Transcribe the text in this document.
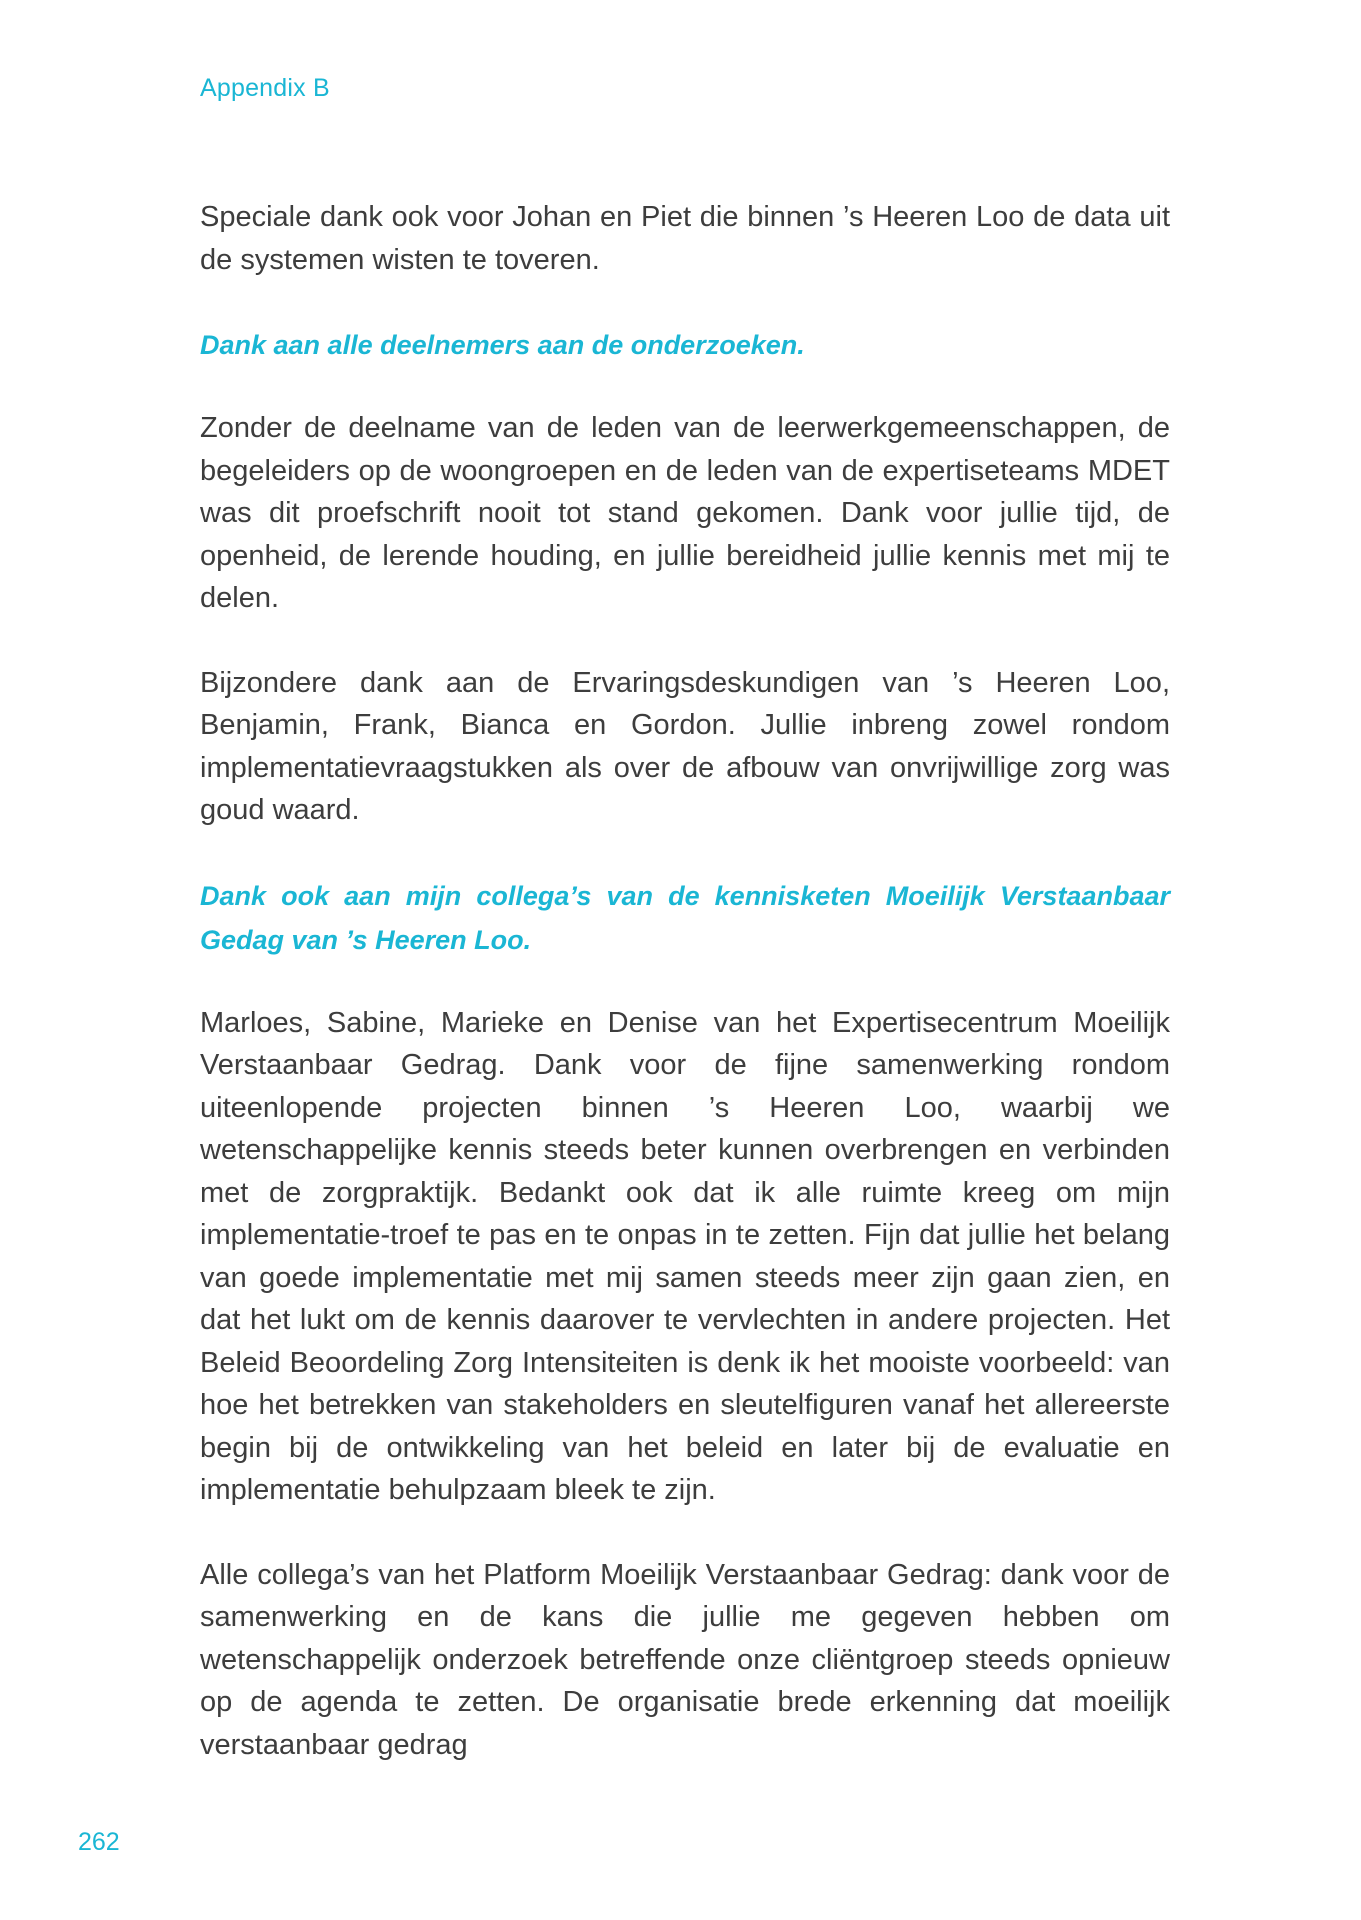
Appendix B

Speciale dank ook voor Johan en Piet die binnen ’s Heeren Loo de data uit de systemen wisten te toveren.

Dank aan alle deelnemers aan de onderzoeken.

Zonder de deelname van de leden van de leerwerkgemeenschappen, de begeleiders op de woongroepen en de leden van de expertiseteams MDET was dit proefschrift nooit tot stand gekomen. Dank voor jullie tijd, de openheid, de lerende houding, en jullie bereidheid jullie kennis met mij te delen.

Bijzondere dank aan de Ervaringsdeskundigen van ’s Heeren Loo, Benjamin, Frank, Bianca en Gordon. Jullie inbreng zowel rondom implementatievraagstukken als over de afbouw van onvrijwillige zorg was goud waard.

Dank ook aan mijn collega’s van de kennisketen Moeilijk Verstaanbaar Gedag van ’s Heeren Loo.

Marloes, Sabine, Marieke en Denise van het Expertisecentrum Moeilijk Verstaanbaar Gedrag. Dank voor de fijne samenwerking rondom uiteenlopende projecten binnen ’s Heeren Loo, waarbij we wetenschappelijke kennis steeds beter kunnen overbrengen en verbinden met de zorgpraktijk. Bedankt ook dat ik alle ruimte kreeg om mijn implementatie-troef te pas en te onpas in te zetten. Fijn dat jullie het belang van goede implementatie met mij samen steeds meer zijn gaan zien, en dat het lukt om de kennis daarover te vervlechten in andere projecten. Het Beleid Beoordeling Zorg Intensiteiten is denk ik het mooiste voorbeeld: van hoe het betrekken van stakeholders en sleutelfiguren vanaf het allereerste begin bij de ontwikkeling van het beleid en later bij de evaluatie en implementatie behulpzaam bleek te zijn.

Alle collega’s van het Platform Moeilijk Verstaanbaar Gedrag: dank voor de samenwerking en de kans die jullie me gegeven hebben om wetenschappelijk onderzoek betreffende onze cliëntgroep steeds opnieuw op de agenda te zetten. De organisatie brede erkenning dat moeilijk verstaanbaar gedrag

262
